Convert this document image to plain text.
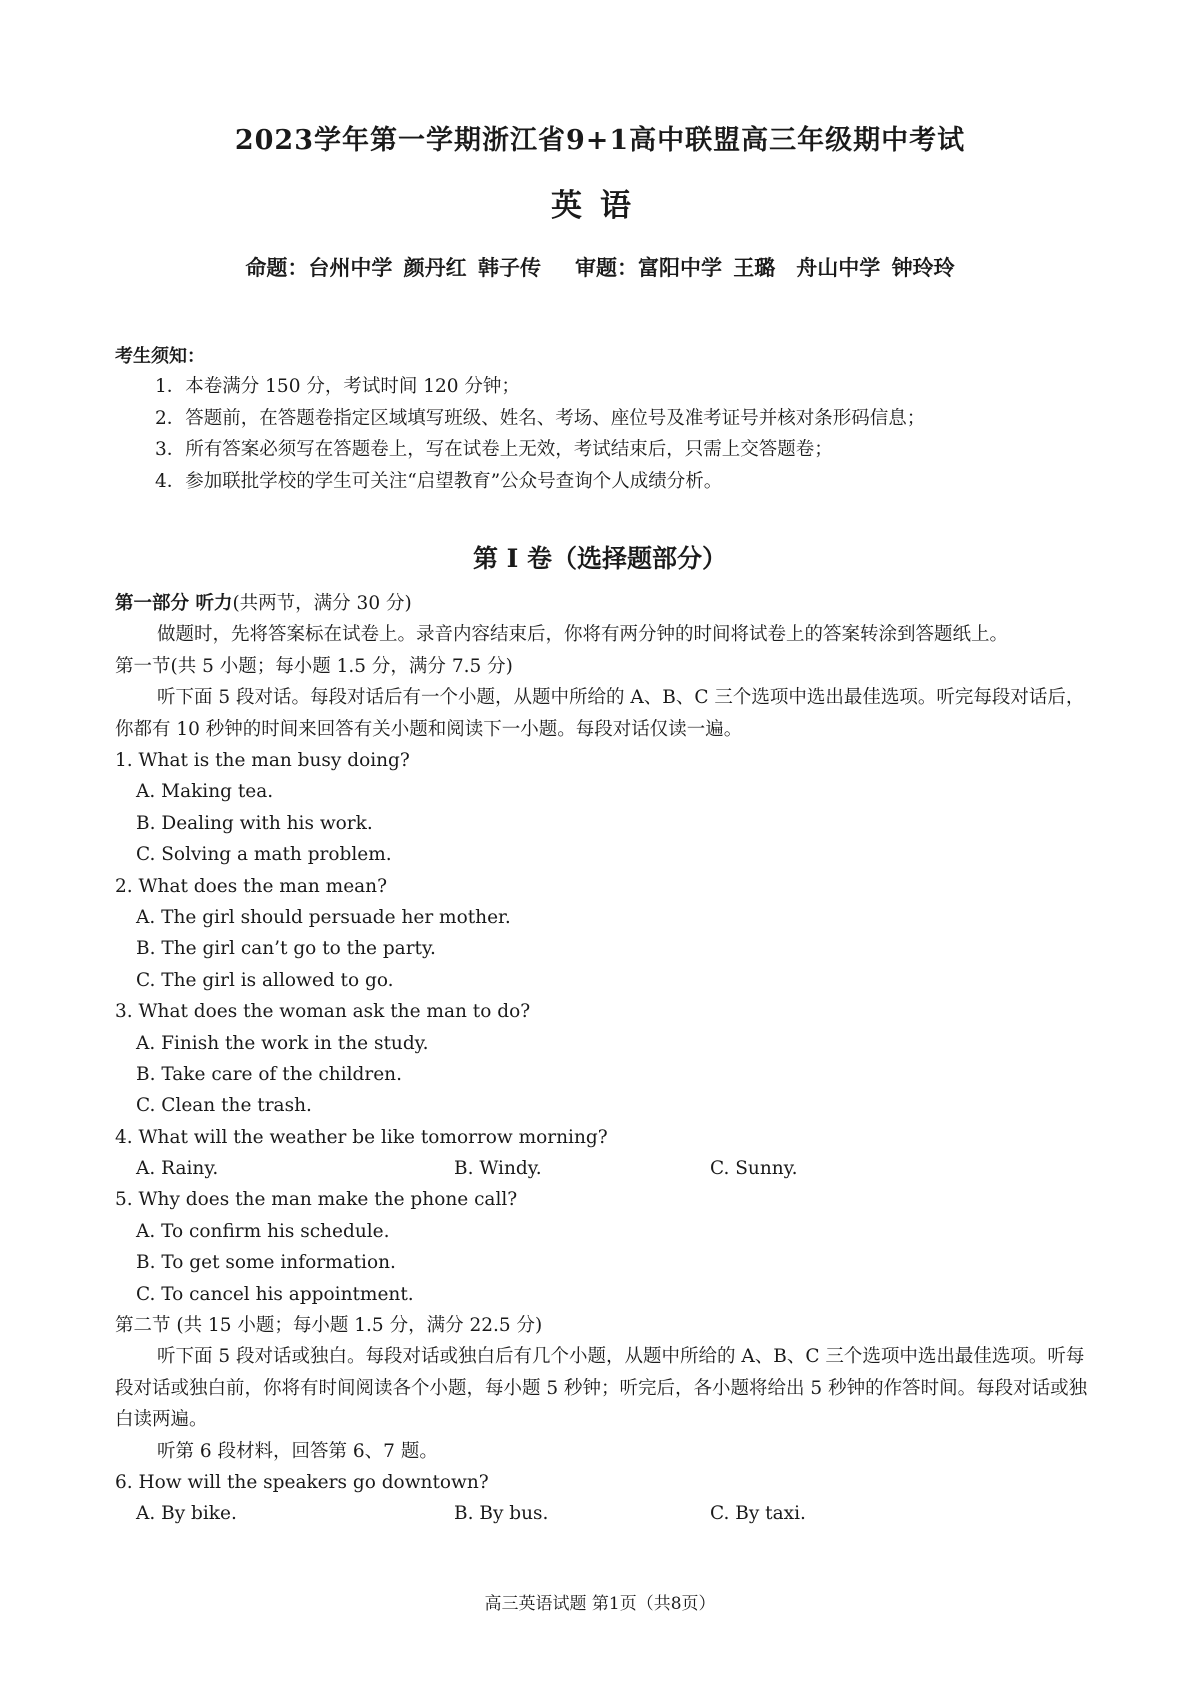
2023学年第一学期浙江省9+1高中联盟高三年级期中考试
英语
命题：台州中学 颜丹红 韩子传 审题：富阳中学 王璐　舟山中学 钟玲玲
考生须知：
1．本卷满分 150 分，考试时间 120 分钟；
2．答题前，在答题卷指定区域填写班级、姓名、考场、座位号及准考证号并核对条形码信息；
3．所有答案必须写在答题卷上，写在试卷上无效，考试结束后，只需上交答题卷；
4．参加联批学校的学生可关注“启望教育”公众号查询个人成绩分析。
第 I 卷（选择题部分）
第一部分 听力(共两节，满分 30 分)
做题时，先将答案标在试卷上。录音内容结束后，你将有两分钟的时间将试卷上的答案转涂到答题纸上。
第一节(共 5 小题；每小题 1.5 分，满分 7.5 分)
听下面 5 段对话。每段对话后有一个小题，从题中所给的 A、B、C 三个选项中选出最佳选项。听完每段对话后，你都有 10 秒钟的时间来回答有关小题和阅读下一小题。每段对话仅读一遍。
1. What is the man busy doing?
A. Making tea.
B. Dealing with his work.
C. Solving a math problem.
2. What does the man mean?
A. The girl should persuade her mother.
B. The girl can’t go to the party.
C. The girl is allowed to go.
3. What does the woman ask the man to do?
A. Finish the work in the study.
B. Take care of the children.
C. Clean the trash.
4. What will the weather be like tomorrow morning?
A. Rainy.	B. Windy.	C. Sunny.
5. Why does the man make the phone call?
A. To confirm his schedule.
B. To get some information.
C. To cancel his appointment.
第二节 (共 15 小题；每小题 1.5 分，满分 22.5 分)
听下面 5 段对话或独白。每段对话或独白后有几个小题，从题中所给的 A、B、C 三个选项中选出最佳选项。听每段对话或独白前，你将有时间阅读各个小题，每小题 5 秒钟；听完后，各小题将给出 5 秒钟的作答时间。每段对话或独白读两遍。
听第 6 段材料，回答第 6、7 题。
6. How will the speakers go downtown?
A. By bike.	B. By bus.	C. By taxi.
高三英语试题 第1页（共8页）
